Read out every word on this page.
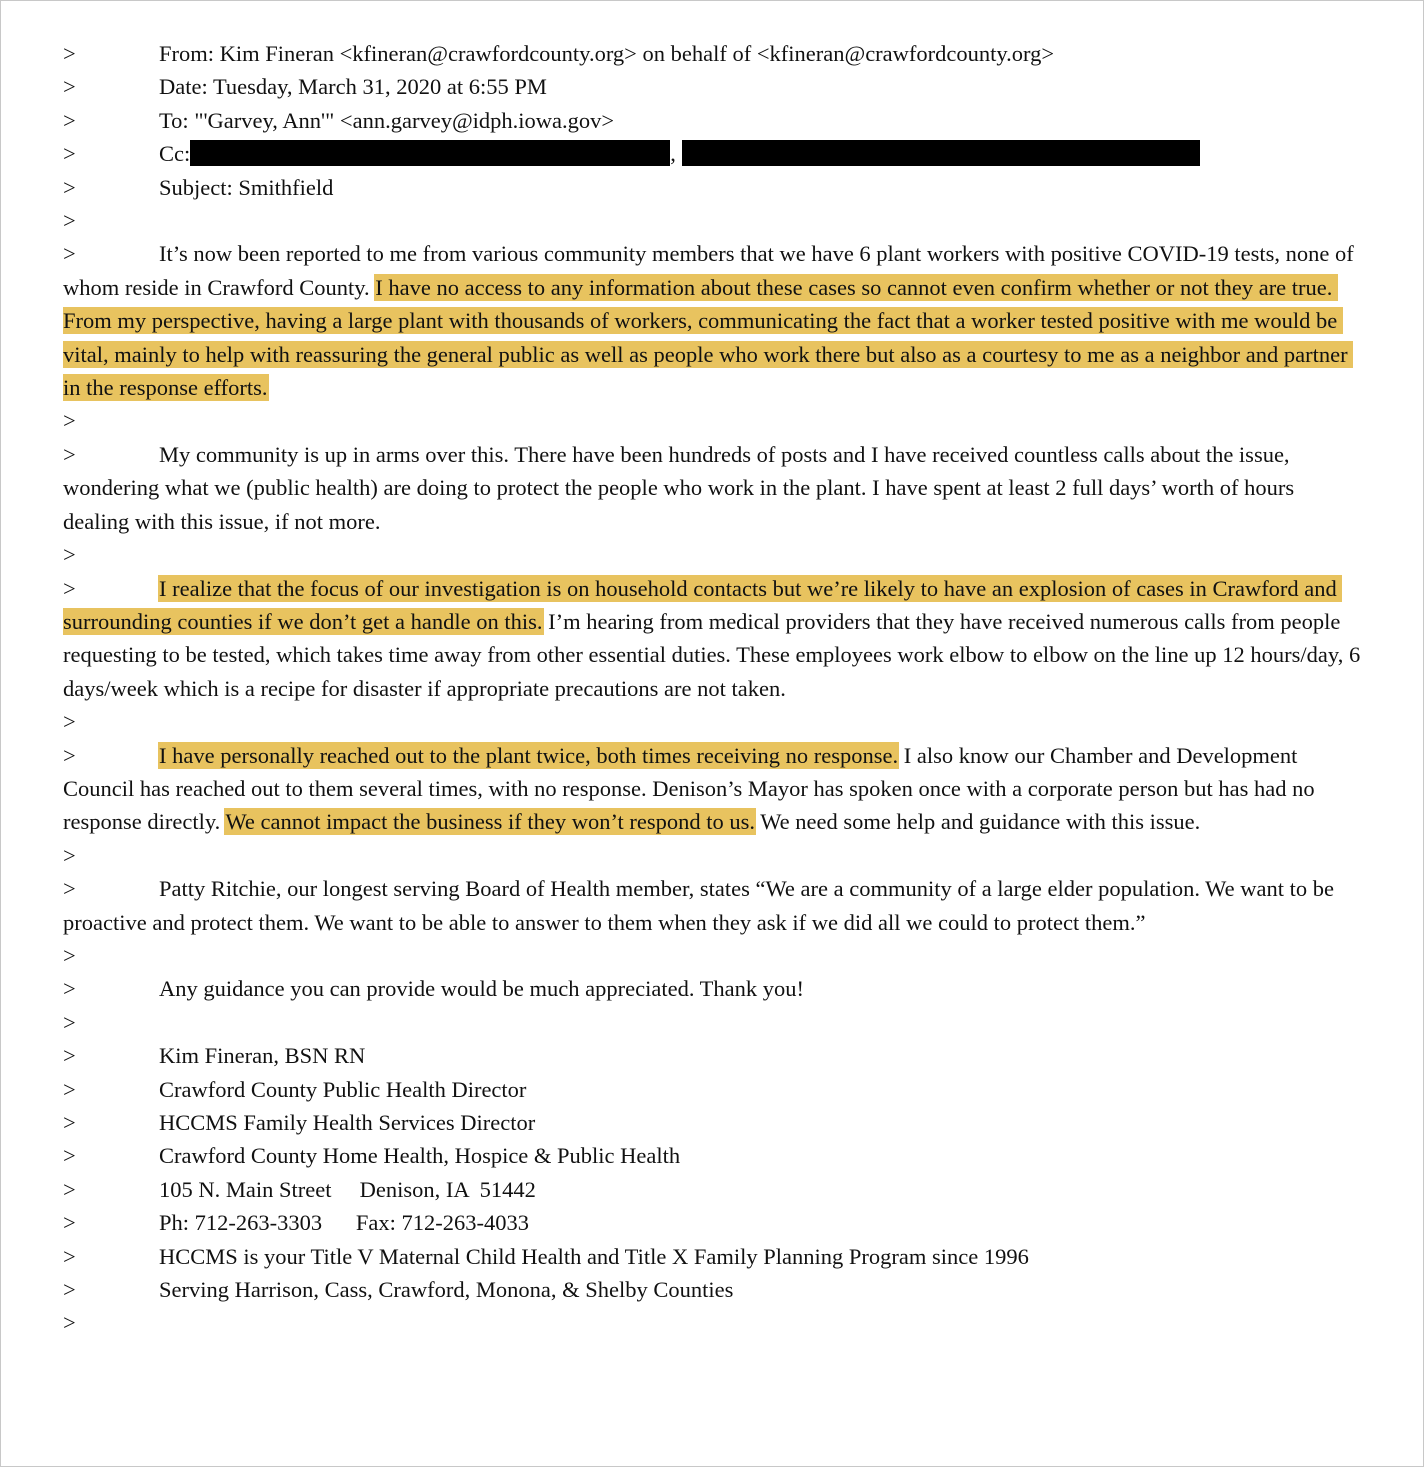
>	From: Kim Fineran <kfineran@crawfordcounty.org> on behalf of <kfineran@crawfordcounty.org>
>	Date: Tuesday, March 31, 2020 at 6:55 PM
>	To: "'Garvey, Ann'" <ann.garvey@idph.iowa.gov>
>	Cc:	,
>	Subject: Smithfield
>
>	It’s now been reported to me from various community members that we have 6 plant workers with positive COVID-19 tests, none of whom reside in Crawford County. I have no access to any information about these cases so cannot even confirm whether or not they are true. From my perspective, having a large plant with thousands of workers, communicating the fact that a worker tested positive with me would be vital, mainly to help with reassuring the general public as well as people who work there but also as a courtesy to me as a neighbor and partner in the response efforts.
>
>	My community is up in arms over this. There have been hundreds of posts and I have received countless calls about the issue, wondering what we (public health) are doing to protect the people who work in the plant. I have spent at least 2 full days’ worth of hours dealing with this issue, if not more.
>
>	I realize that the focus of our investigation is on household contacts but we’re likely to have an explosion of cases in Crawford and surrounding counties if we don’t get a handle on this. I’m hearing from medical providers that they have received numerous calls from people requesting to be tested, which takes time away from other essential duties. These employees work elbow to elbow on the line up 12 hours/day, 6 days/week which is a recipe for disaster if appropriate precautions are not taken.
>
>	I have personally reached out to the plant twice, both times receiving no response. I also know our Chamber and Development Council has reached out to them several times, with no response. Denison’s Mayor has spoken once with a corporate person but has had no response directly. We cannot impact the business if they won’t respond to us. We need some help and guidance with this issue.
>
>	Patty Ritchie, our longest serving Board of Health member, states “We are a community of a large elder population. We want to be proactive and protect them. We want to be able to answer to them when they ask if we did all we could to protect them.”
>
>	Any guidance you can provide would be much appreciated. Thank you!
>
>	Kim Fineran, BSN RN
>	Crawford County Public Health Director
>	HCCMS Family Health Services Director
>	Crawford County Home Health, Hospice & Public Health
>	105 N. Main Street     Denison, IA  51442
>	Ph: 712-263-3303      Fax: 712-263-4033
>	HCCMS is your Title V Maternal Child Health and Title X Family Planning Program since 1996
>	Serving Harrison, Cass, Crawford, Monona, & Shelby Counties
>
